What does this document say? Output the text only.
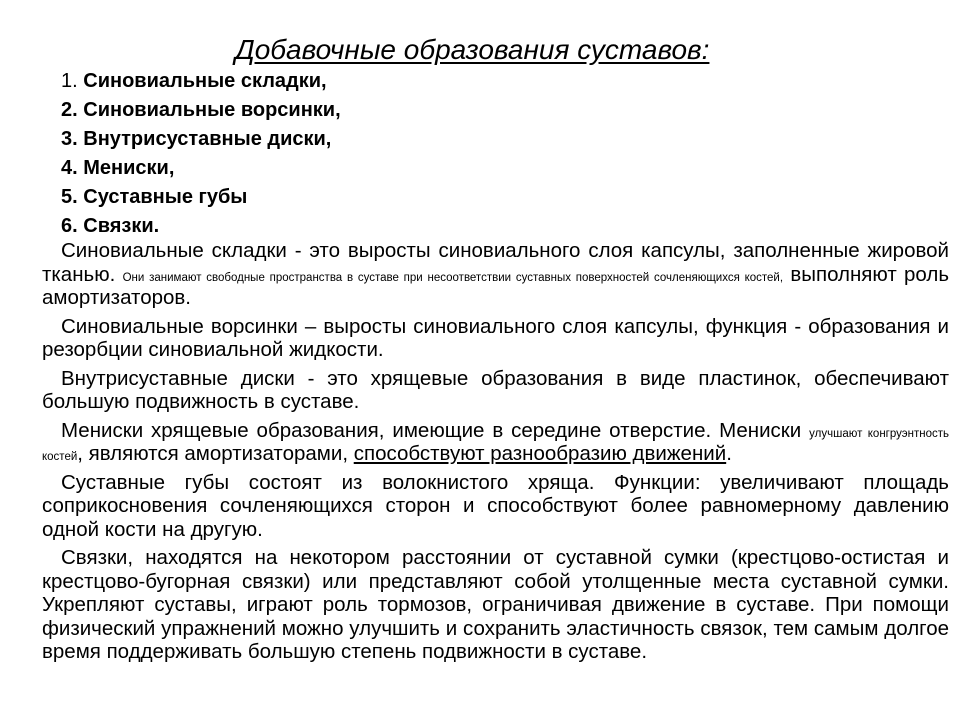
Добавочные образования суставов:
1. Синовиальные складки,
2. Синовиальные ворсинки,
3. Внутрисуставные диски,
4. Мениски,
5. Суставные губы
6. Связки.

Синовиальные складки - это выросты синовиального слоя капсулы, заполненные жировой тканью. Они занимают свободные пространства в суставе при несоответствии суставных поверхностей сочленяющихся костей, выполняют роль амортизаторов.

Синовиальные ворсинки – выросты синовиального слоя капсулы, функция - образования и резорбции синовиальной жидкости.

Внутрисуставные диски - это хрящевые образования в виде пластинок, обеспечивают большую подвижность в суставе.

Мениски хрящевые образования, имеющие в середине отверстие. Мениски улучшают конгруэнтность костей, являются амортизаторами, способствуют разнообразию движений.

Суставные губы состоят из волокнистого хряща. Функции: увеличивают площадь соприкосновения сочленяющихся сторон и способствуют более равномерному давлению одной кости на другую.

Связки, находятся на некотором расстоянии от суставной сумки (крестцово-остистая и крестцово-бугорная связки) или представляют собой утолщенные места суставной сумки. Укрепляют суставы, играют роль тормозов, ограничивая движение в суставе. При помощи физический упражнений можно улучшить и сохранить эластичность связок, тем самым долгое время поддерживать большую степень подвижности в суставе.
